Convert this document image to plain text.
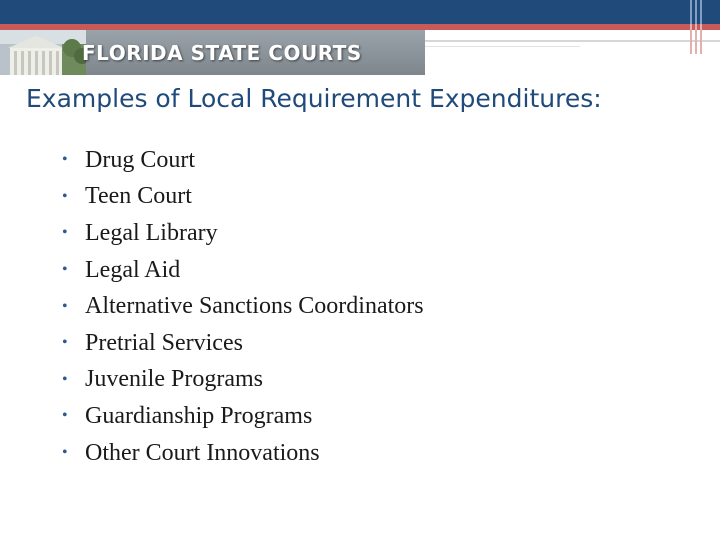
FLORIDA STATE COURTS
Examples of Local Requirement Expenditures:
• Drug Court
• Teen Court
• Legal Library
• Legal Aid
• Alternative Sanctions Coordinators
• Pretrial Services
• Juvenile Programs
• Guardianship Programs
• Other Court Innovations
